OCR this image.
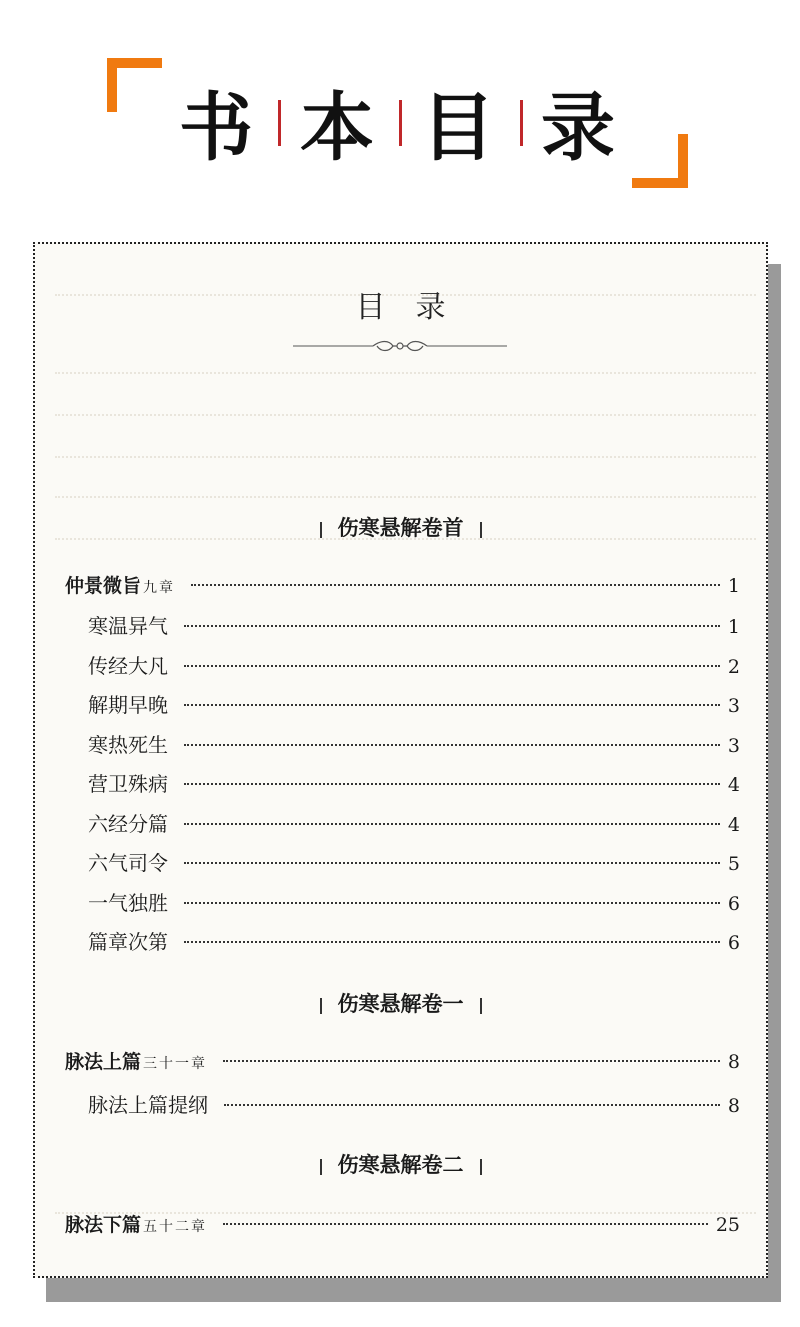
书 本 目 录
目录
伤寒悬解卷首
仲景微旨 九章	1
寒温异气	1
传经大凡	2
解期早晚	3
寒热死生	3
营卫殊病	4
六经分篇	4
六气司令	5
一气独胜	6
篇章次第	6
伤寒悬解卷一
脉法上篇 三十一章	8
脉法上篇提纲	8
伤寒悬解卷二
脉法下篇 五十二章	25
